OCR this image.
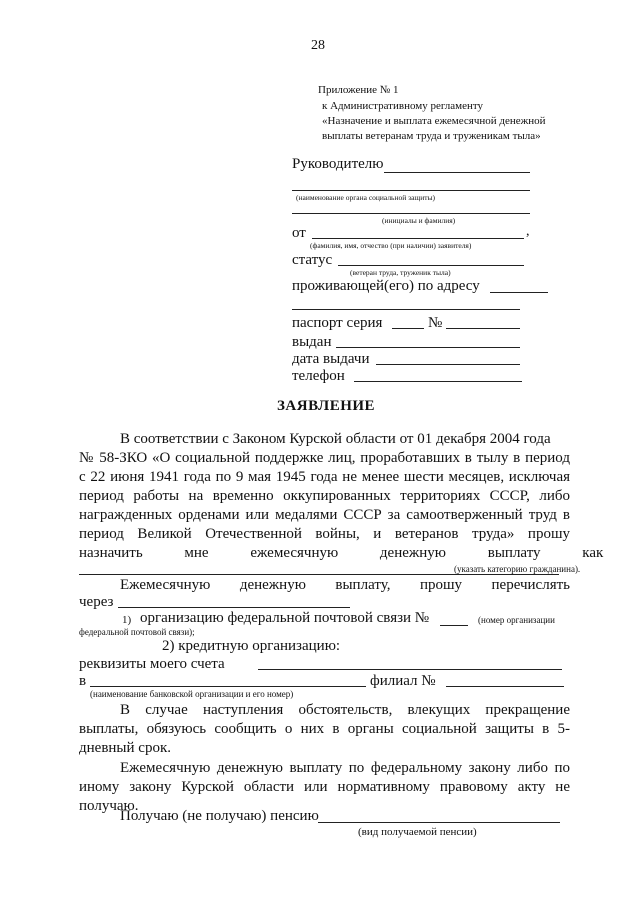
28
Приложение № 1
к Административному регламенту
«Назначение и выплата ежемесячной денежной
выплаты ветеранам труда и труженикам тыла»
Руководителю
(наименование органа социальной защиты)
(инициалы и фамилия)
от	,
(фамилия, имя, отчество (при наличии) заявителя)
статус
(ветеран труда, труженик тыла)
проживающей(его) по адресу
паспорт серия	№
выдан
дата выдачи
телефон
ЗАЯВЛЕНИЕ
В соответствии с Законом Курской области от 01 декабря 2004 года
№ 58-ЗКО «О социальной поддержке лиц, проработавших в тылу в период
с 22 июня 1941 года по 9 мая 1945 года не менее шести месяцев, исключая
период работы на временно оккупированных территориях СССР, либо
награжденных орденами или медалями СССР за самоотверженный труд в
период Великой Отечественной войны, и ветеранов труда» прошу
назначить мне ежемесячную денежную выплату как
(указать категорию гражданина).
Ежемесячную денежную выплату, прошу перечислять
через
1) организацию федеральной почтовой связи №	(номер организации
федеральной почтовой связи);
2) кредитную организацию:
реквизиты моего счета
в	филиал №
(наименование банковской организации и его номер)
В случае наступления обстоятельств, влекущих прекращение
выплаты, обязуюсь сообщить о них в органы социальной защиты в 5-
дневный срок.
Ежемесячную денежную выплату по федеральному закону либо по
иному закону Курской области или нормативному правовому акту не
получаю.
Получаю (не получаю) пенсию
(вид получаемой пенсии)
